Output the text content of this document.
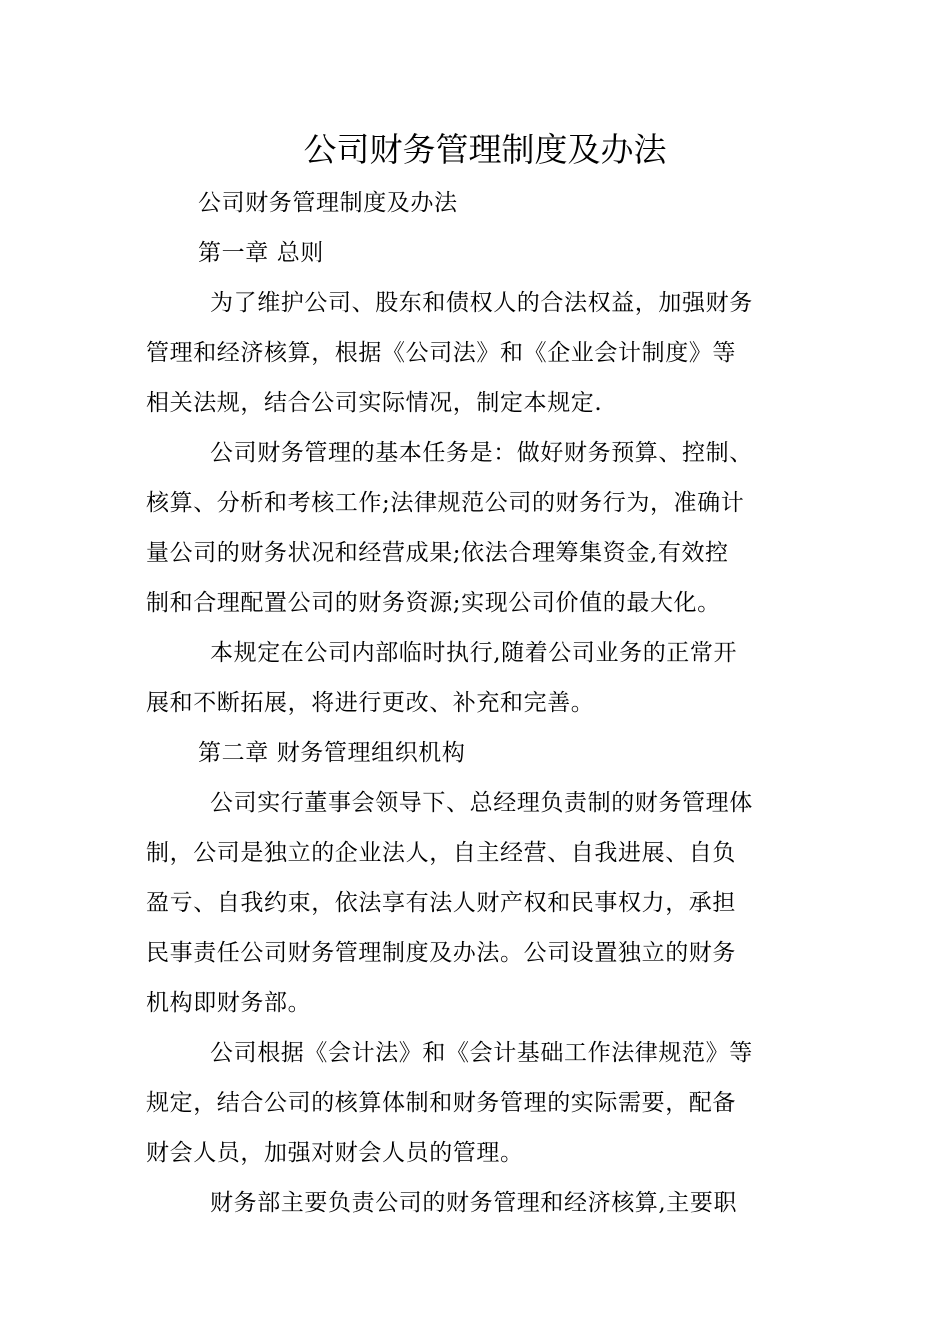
公司财务管理制度及办法

公司财务管理制度及办法

第一章 总则

为了维护公司、股东和债权人的合法权益，加强财务

管理和经济核算，根据《公司法》和《企业会计制度》等

相关法规，结合公司实际情况，制定本规定.

公司财务管理的基本任务是：做好财务预算、控制、

核算、分析和考核工作;法律规范公司的财务行为，准确计

量公司的财务状况和经营成果;依法合理筹集资金,有效控

制和合理配置公司的财务资源;实现公司价值的最大化。

本规定在公司内部临时执行,随着公司业务的正常开

展和不断拓展，将进行更改、补充和完善。

第二章 财务管理组织机构

公司实行董事会领导下、总经理负责制的财务管理体

制，公司是独立的企业法人，自主经营、自我进展、自负

盈亏、自我约束，依法享有法人财产权和民事权力，承担

民事责任公司财务管理制度及办法。公司设置独立的财务

机构即财务部。

公司根据《会计法》和《会计基础工作法律规范》等

规定，结合公司的核算体制和财务管理的实际需要，配备

财会人员，加强对财会人员的管理。

财务部主要负责公司的财务管理和经济核算,主要职
